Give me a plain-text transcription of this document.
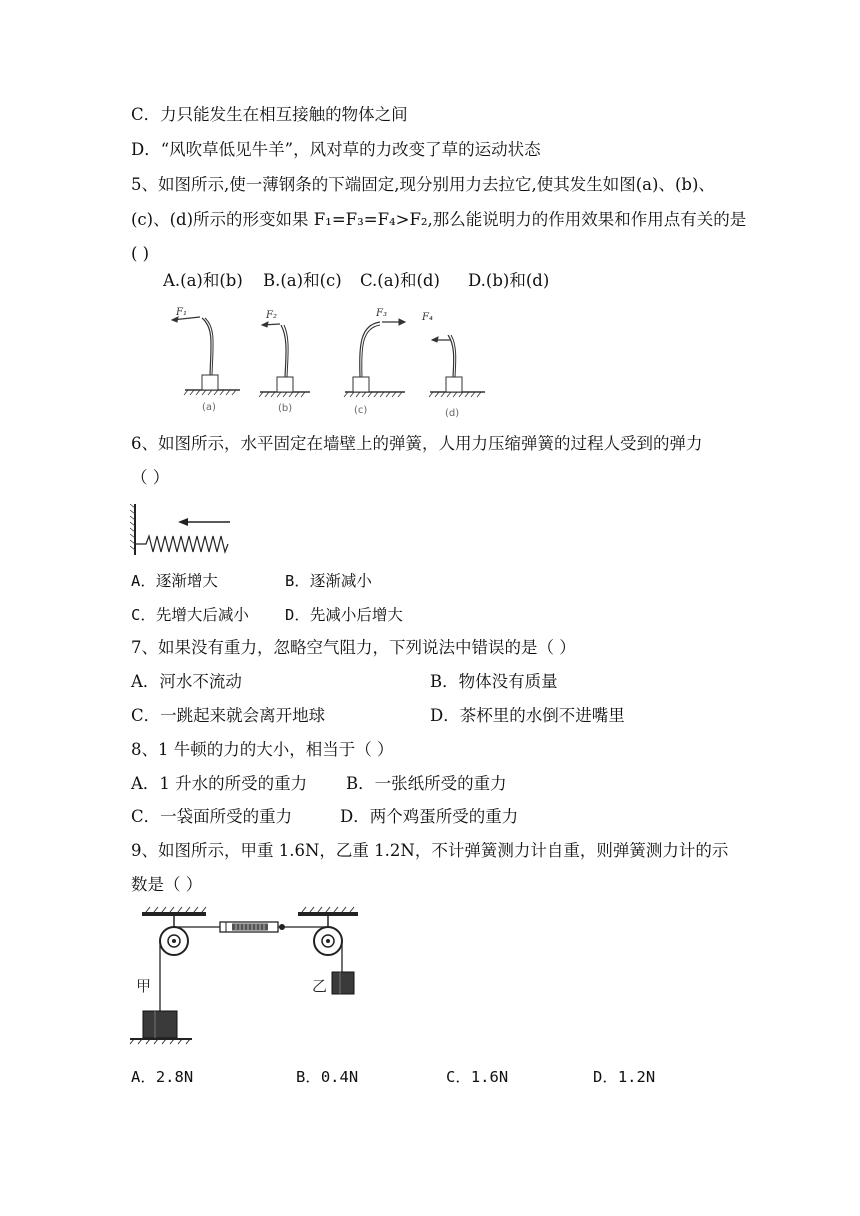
C．力只能发生在相互接触的物体之间
D．“风吹草低见牛羊”，风对草的力改变了草的运动状态
5、如图所示,使一薄钢条的下端固定,现分别用力去拉它,使其发生如图(a)、(b)、
(c)、(d)所示的形变如果 F₁=F₃=F₄>F₂,那么能说明力的作用效果和作用点有关的是
( )
A.(a)和(b) B.(a)和(c) C.(a)和(d) D.(b)和(d)
F₁	F₂	F₃	F₄
(a)	(b)	(c)	(d)
6、如图所示，水平固定在墙壁上的弹簧，人用力压缩弹簧的过程人受到的弹力
（ ）
A．逐渐增大	B．逐渐减小
C．先增大后减小 D．先减小后增大
7、如果没有重力，忽略空气阻力，下列说法中错误的是（ ）
A．河水不流动	B．物体没有质量
C．一跳起来就会离开地球	D．茶杯里的水倒不进嘴里
8、1 牛顿的力的大小，相当于（ ）
A．1 升水的所受的重力 B．一张纸所受的重力
C．一袋面所受的重力	D．两个鸡蛋所受的重力
9、如图所示，甲重 1.6N，乙重 1.2N，不计弹簧测力计自重，则弹簧测力计的示
数是（ ）
甲	乙
A．2.8N	B．0.4N	C．1.6N	D．1.2N
